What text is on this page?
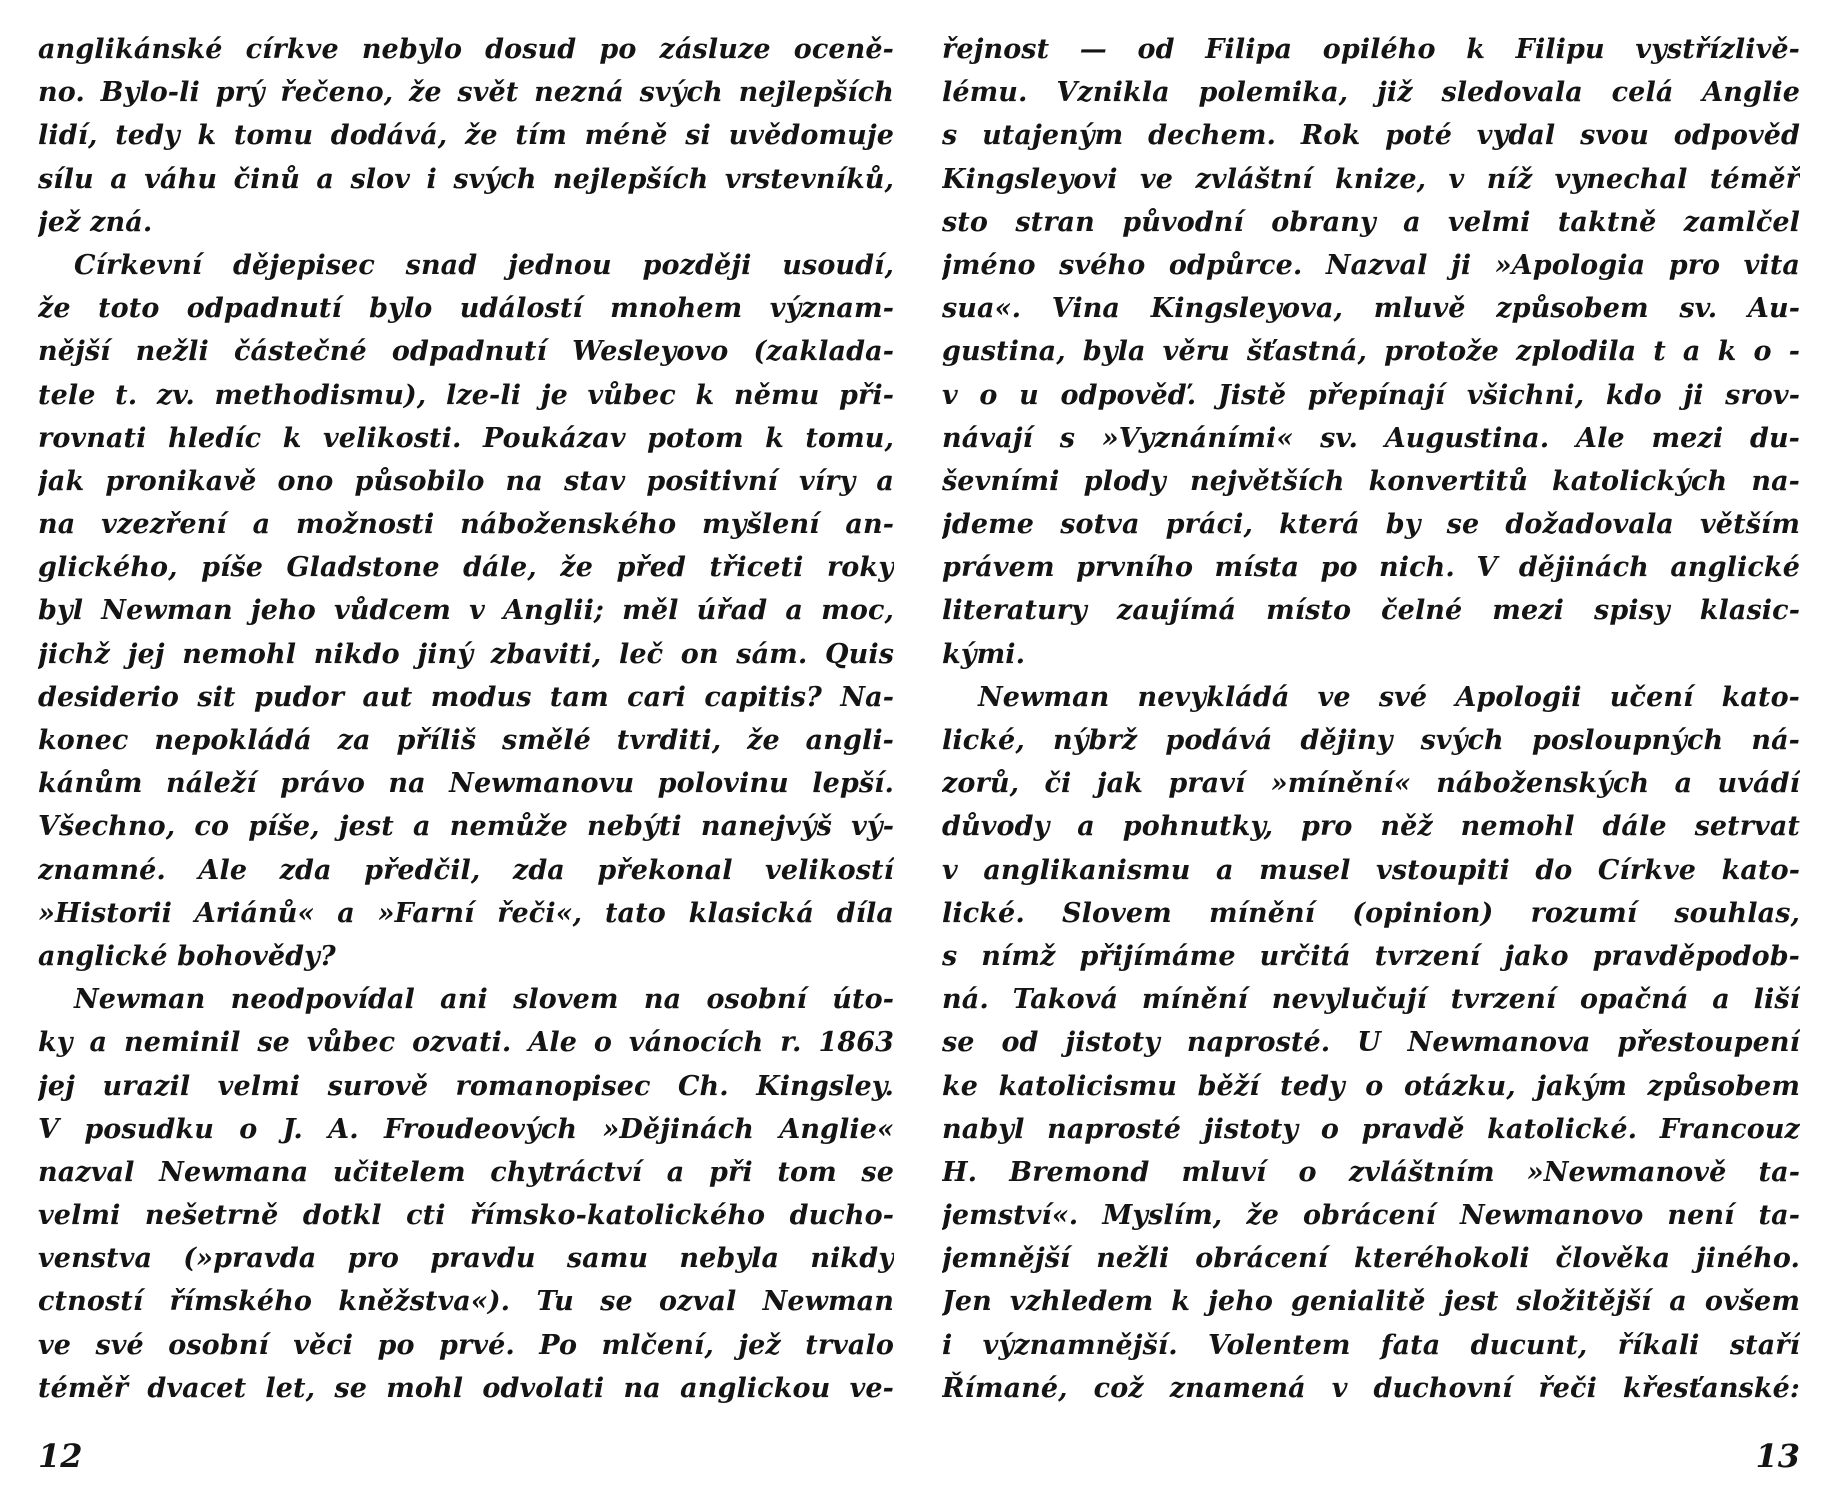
anglikánské církve nebylo dosud po zásluze oceně-
no. Bylo-li prý řečeno, že svět nezná svých nejlepších
lidí, tedy k tomu dodává, že tím méně si uvědomuje
sílu a váhu činů a slov i svých nejlepších vrstevníků,
jež zná.
Církevní dějepisec snad jednou později usoudí,
že toto odpadnutí bylo událostí mnohem význam-
nější nežli částečné odpadnutí Wesleyovo (zaklada-
tele t. zv. methodismu), lze-li je vůbec k němu při-
rovnati hledíc k velikosti. Poukázav potom k tomu,
jak pronikavě ono působilo na stav positivní víry a
na vzezření a možnosti náboženského myšlení an-
glického, píše Gladstone dále, že před třiceti roky
byl Newman jeho vůdcem v Anglii; měl úřad a moc,
jichž jej nemohl nikdo jiný zbaviti, leč on sám. Quis
desiderio sit pudor aut modus tam cari capitis? Na-
konec nepokládá za příliš smělé tvrditi, že angli-
kánům náleží právo na Newmanovu polovinu lepší.
Všechno, co píše, jest a nemůže nebýti nanejvýš vý-
znamné. Ale zda předčil, zda překonal velikostí
»Historii Ariánů« a »Farní řeči«, tato klasická díla
anglické bohovědy?
Newman neodpovídal ani slovem na osobní úto-
ky a neminil se vůbec ozvati. Ale o vánocích r. 1863
jej urazil velmi surově romanopisec Ch. Kingsley.
V posudku o J. A. Froudeových »Dějinách Anglie«
nazval Newmana učitelem chytráctví a při tom se
velmi nešetrně dotkl cti římsko-katolického ducho-
venstva (»pravda pro pravdu samu nebyla nikdy
ctností římského kněžstva«). Tu se ozval Newman
ve své osobní věci po prvé. Po mlčení, jež trvalo
téměř dvacet let, se mohl odvolati na anglickou ve-
12
řejnost — od Filipa opilého k Filipu vystřízlivě-
lému. Vznikla polemika, již sledovala celá Anglie
s utajeným dechem. Rok poté vydal svou odpověď
Kingsleyovi ve zvláštní knize, v níž vynechal téměř
sto stran původní obrany a velmi taktně zamlčel
jméno svého odpůrce. Nazval ji »Apologia pro vita
sua«. Vina Kingsleyova, mluvě způsobem sv. Au-
gustina, byla věru šťastná, protože zplodila t a k o -
v o u odpověď. Jistě přepínají všichni, kdo ji srov-
návají s »Vyznáními« sv. Augustina. Ale mezi du-
ševními plody největších konvertitů katolických na-
jdeme sotva práci, která by se dožadovala větším
právem prvního místa po nich. V dějinách anglické
literatury zaujímá místo čelné mezi spisy klasic-
kými.
Newman nevykládá ve své Apologii učení kato-
lické, nýbrž podává dějiny svých posloupných ná-
zorů, či jak praví »mínění« náboženských a uvádí
důvody a pohnutky, pro něž nemohl dále setrvat
v anglikanismu a musel vstoupiti do Církve kato-
lické. Slovem mínění (opinion) rozumí souhlas,
s nímž přijímáme určitá tvrzení jako pravděpodob-
ná. Taková mínění nevylučují tvrzení opačná a liší
se od jistoty naprosté. U Newmanova přestoupení
ke katolicismu běží tedy o otázku, jakým způsobem
nabyl naprosté jistoty o pravdě katolické. Francouz
H. Bremond mluví o zvláštním »Newmanově ta-
jemství«. Myslím, že obrácení Newmanovo není ta-
jemnější nežli obrácení kteréhokoli člověka jiného.
Jen vzhledem k jeho genialitě jest složitější a ovšem
i významnější. Volentem fata ducunt, říkali staří
Římané, což znamená v duchovní řeči křesťanské:
13
